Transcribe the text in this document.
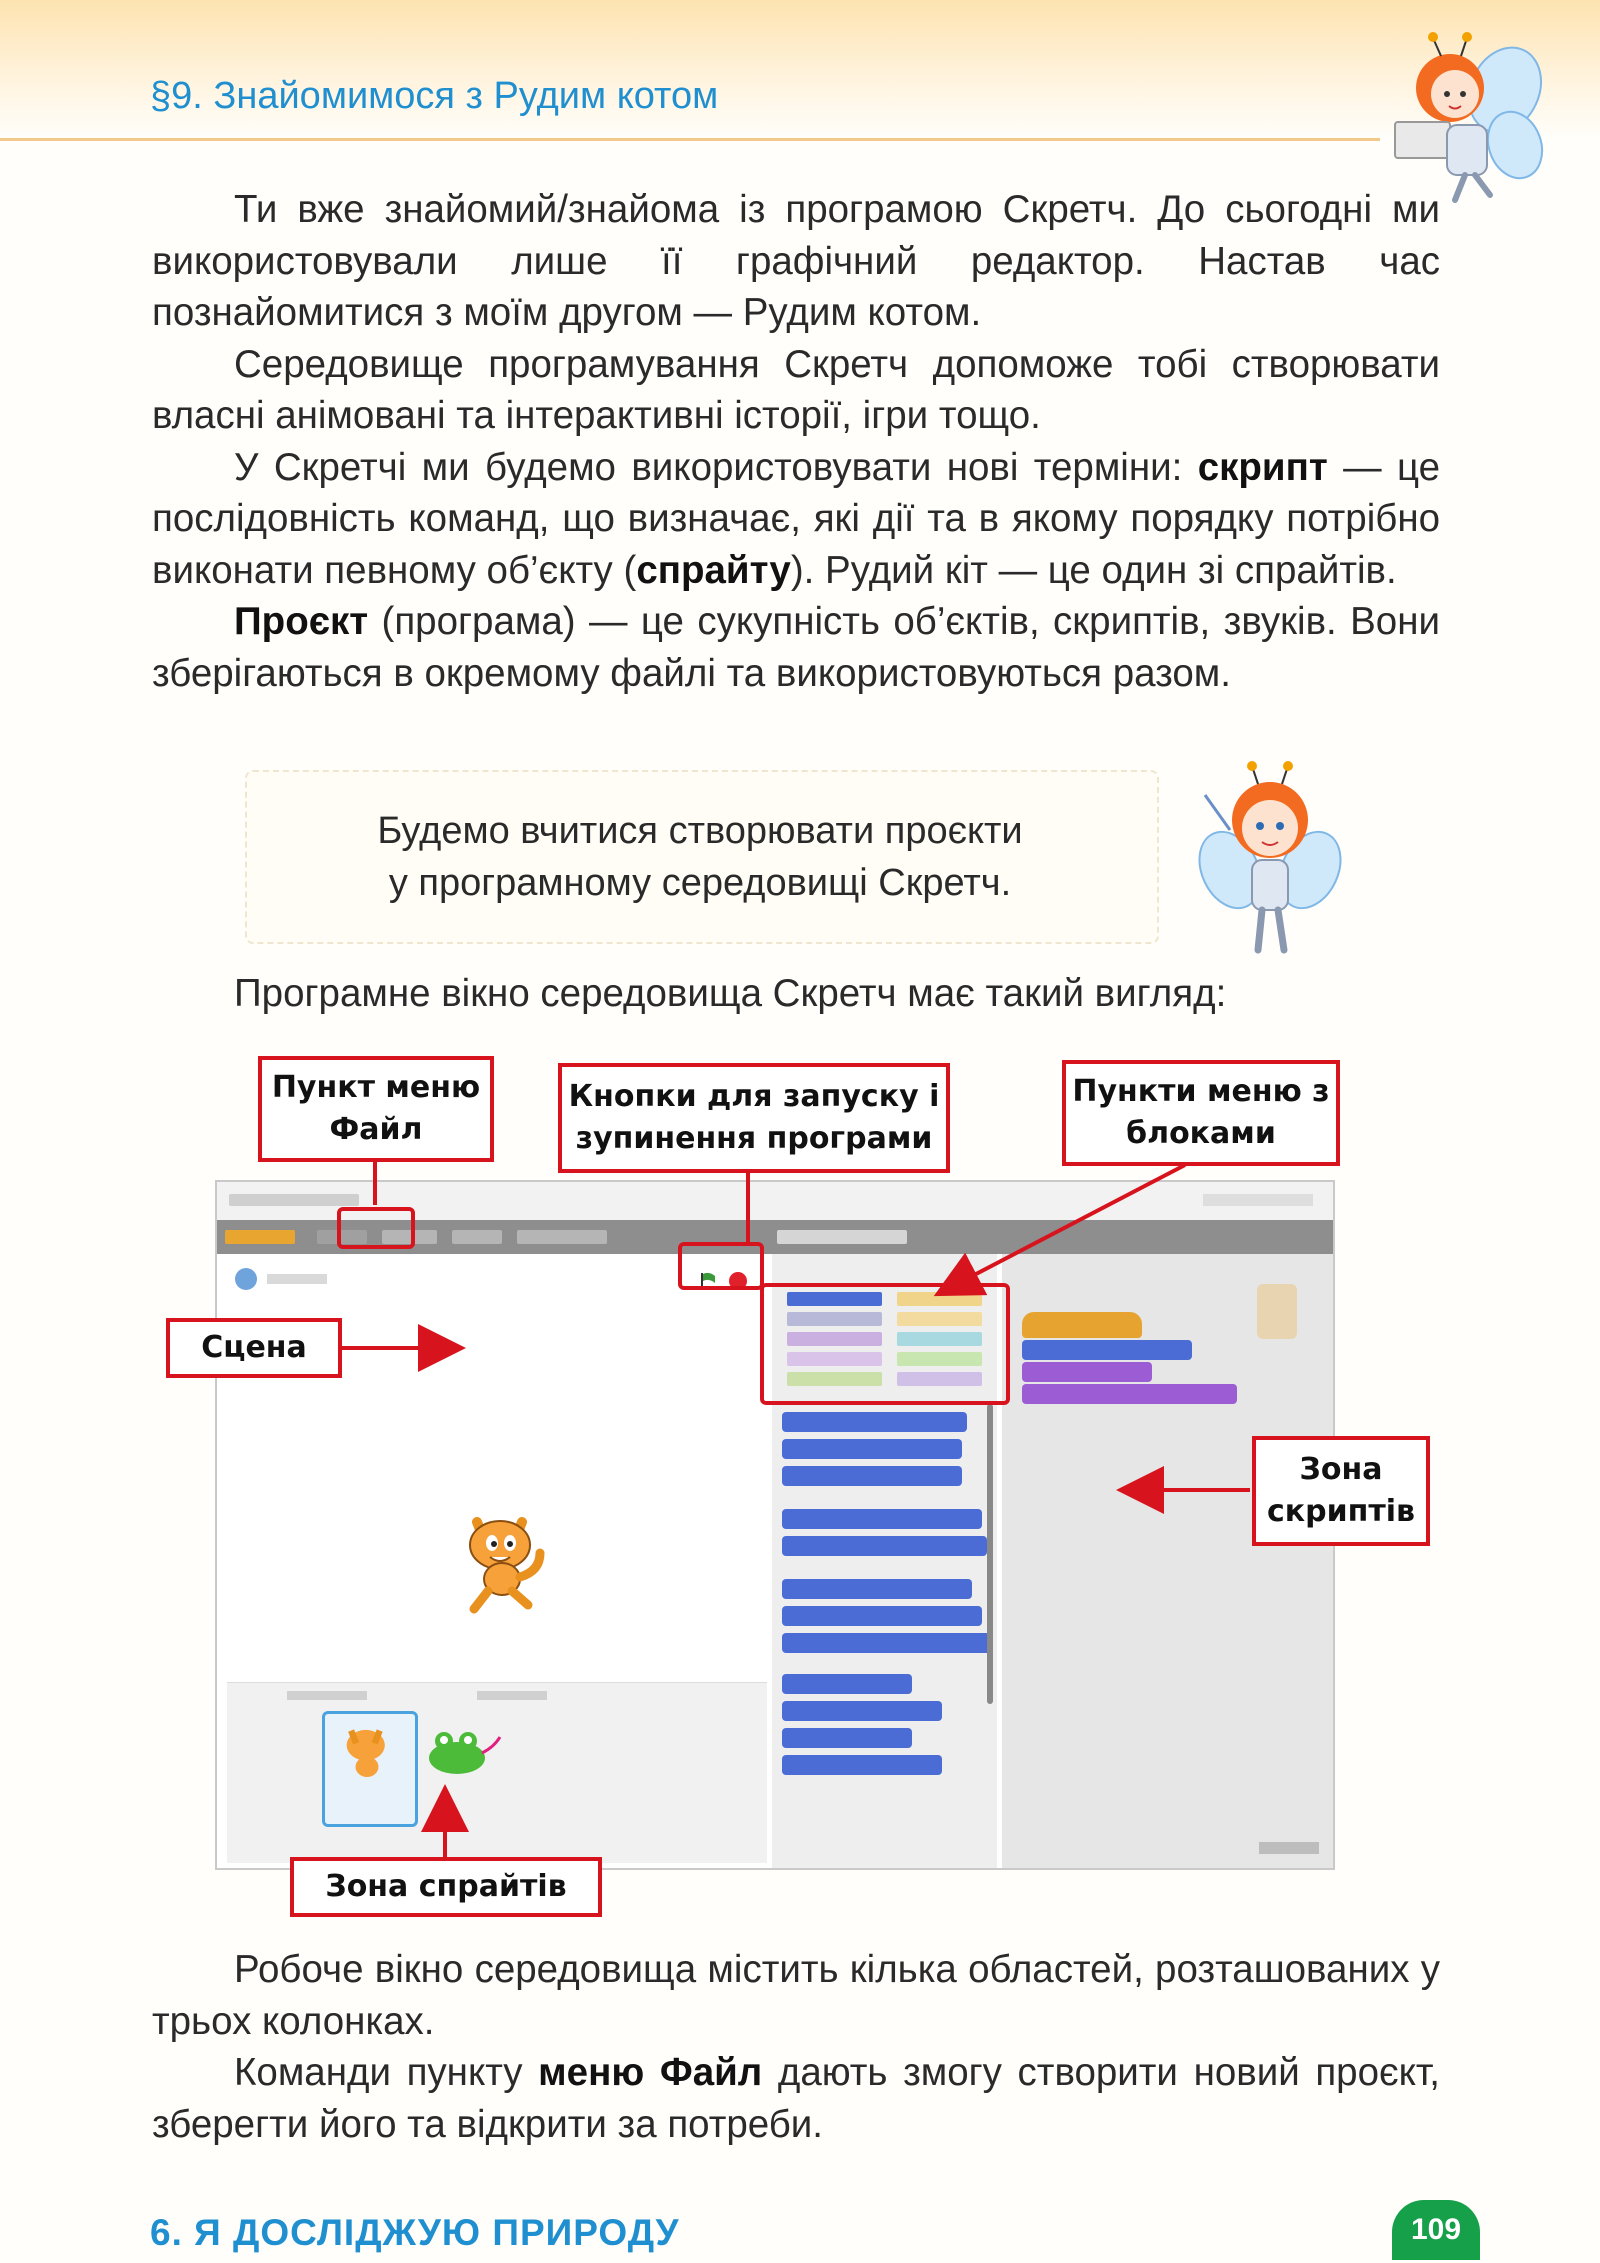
§9. Знайомимося з Рудим котом

Ти вже знайомий/знайома із програмою Скретч. До сьогодні ми використовували лише її графічний редактор. Настав час познайомитися з моїм другом — Рудим котом.

Середовище програмування Скретч допоможе тобі створювати власні анімовані та інтерактивні історії, ігри тощо.

У Скретчі ми будемо використовувати нові терміни: скрипт — це послідовність команд, що визначає, які дії та в якому порядку потрібно виконати певному об’єкту (спрайту). Рудий кіт — це один зі спрайтів.

Проєкт (програма) — це сукупність об’єктів, скриптів, звуків. Вони зберігаються в окремому файлі та використовуються разом.

Будемо вчитися створювати проєкти
у програмному середовищі Скретч.

Програмне вікно середовища Скретч має такий вигляд:

Пункт меню Файл
Кнопки для запуску і зупинення програми
Пункти меню з блоками
Сцена
Зона скриптів
Зона спрайтів

Робоче вікно середовища містить кілька областей, розташованих у трьох колонках.

Команди пункту меню Файл дають змогу створити новий проєкт, зберегти його та відкрити за потреби.

6. Я ДОСЛІДЖУЮ ПРИРОДУ	109
